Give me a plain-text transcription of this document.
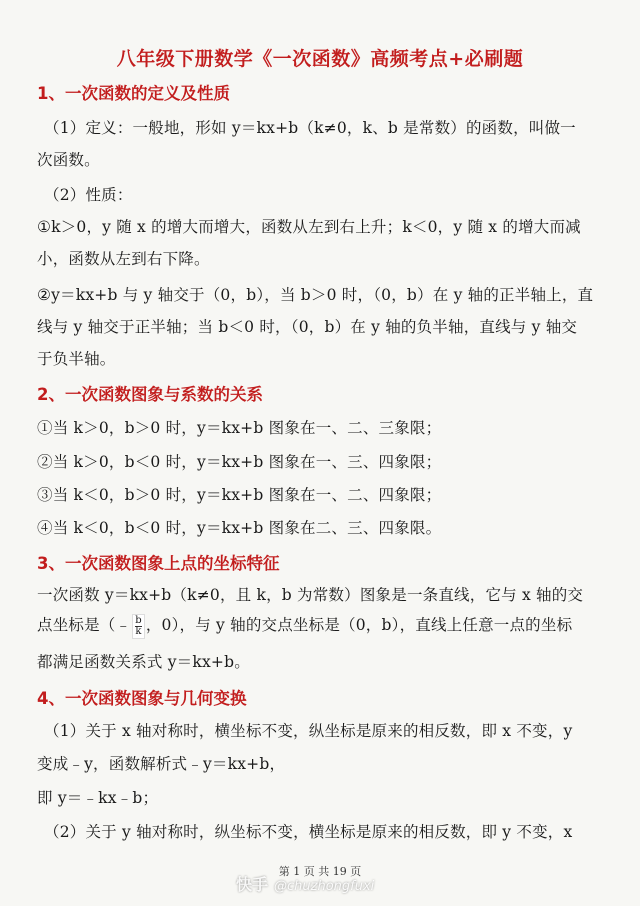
八年级下册数学《一次函数》高频考点+必刷题
1、一次函数的定义及性质
（1）定义：一般地，形如 y＝kx+b（k≠0，k、b 是常数）的函数，叫做一
次函数。
（2）性质：
①k＞0，y 随 x 的增大而增大，函数从左到右上升；k＜0，y 随 x 的增大而减
小，函数从左到右下降。
②y＝kx+b 与 y 轴交于（0，b），当 b＞0 时，（0，b）在 y 轴的正半轴上，直
线与 y 轴交于正半轴；当 b＜0 时，（0，b）在 y 轴的负半轴，直线与 y 轴交
于负半轴。
2、一次函数图象与系数的关系
①当 k＞0，b＞0 时，y＝kx+b 图象在一、二、三象限；
②当 k＞0，b＜0 时，y＝kx+b 图象在一、三、四象限；
③当 k＜0，b＞0 时，y＝kx+b 图象在一、二、四象限；
④当 k＜0，b＜0 时，y＝kx+b 图象在二、三、四象限。
3、一次函数图象上点的坐标特征
一次函数 y＝kx+b（k≠0，且 k，b 为常数）图象是一条直线，它与 x 轴的交
点坐标是（﹣ $\frac{b}{k}$ ，0），与 y 轴的交点坐标是（0，b），直线上任意一点的坐标
都满足函数关系式 y＝kx+b。
4、一次函数图象与几何变换
（1）关于 x 轴对称时，横坐标不变，纵坐标是原来的相反数，即 x 不变，y
变成﹣y，函数解析式﹣y＝kx+b，
即 y＝﹣kx﹣b；
（2）关于 y 轴对称时，纵坐标不变，横坐标是原来的相反数，即 y 不变，x
第 1 页 共 19 页
快手 @chuzhongfuxi
